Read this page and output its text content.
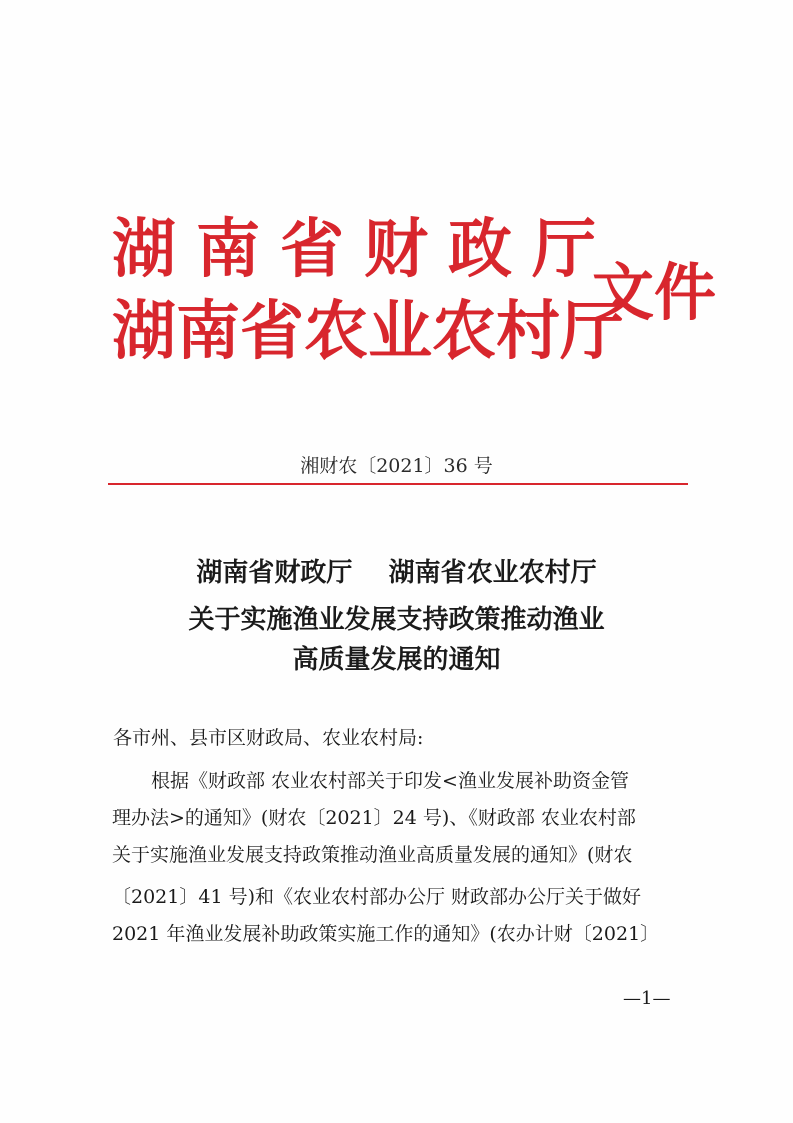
湖南省财政厅
湖南省农业农村厅
文件
湘财农〔2021〕36 号
湖南省财政厅    湖南省农业农村厅
关于实施渔业发展支持政策推动渔业
高质量发展的通知
各市州、县市区财政局、农业农村局:
根据《财政部 农业农村部关于印发<渔业发展补助资金管
理办法>的通知》(财农〔2021〕24 号)、《财政部 农业农村部
关于实施渔业发展支持政策推动渔业高质量发展的通知》(财农
〔2021〕41 号)和《农业农村部办公厅 财政部办公厅关于做好
2021 年渔业发展补助政策实施工作的通知》(农办计财〔2021〕
—1—
